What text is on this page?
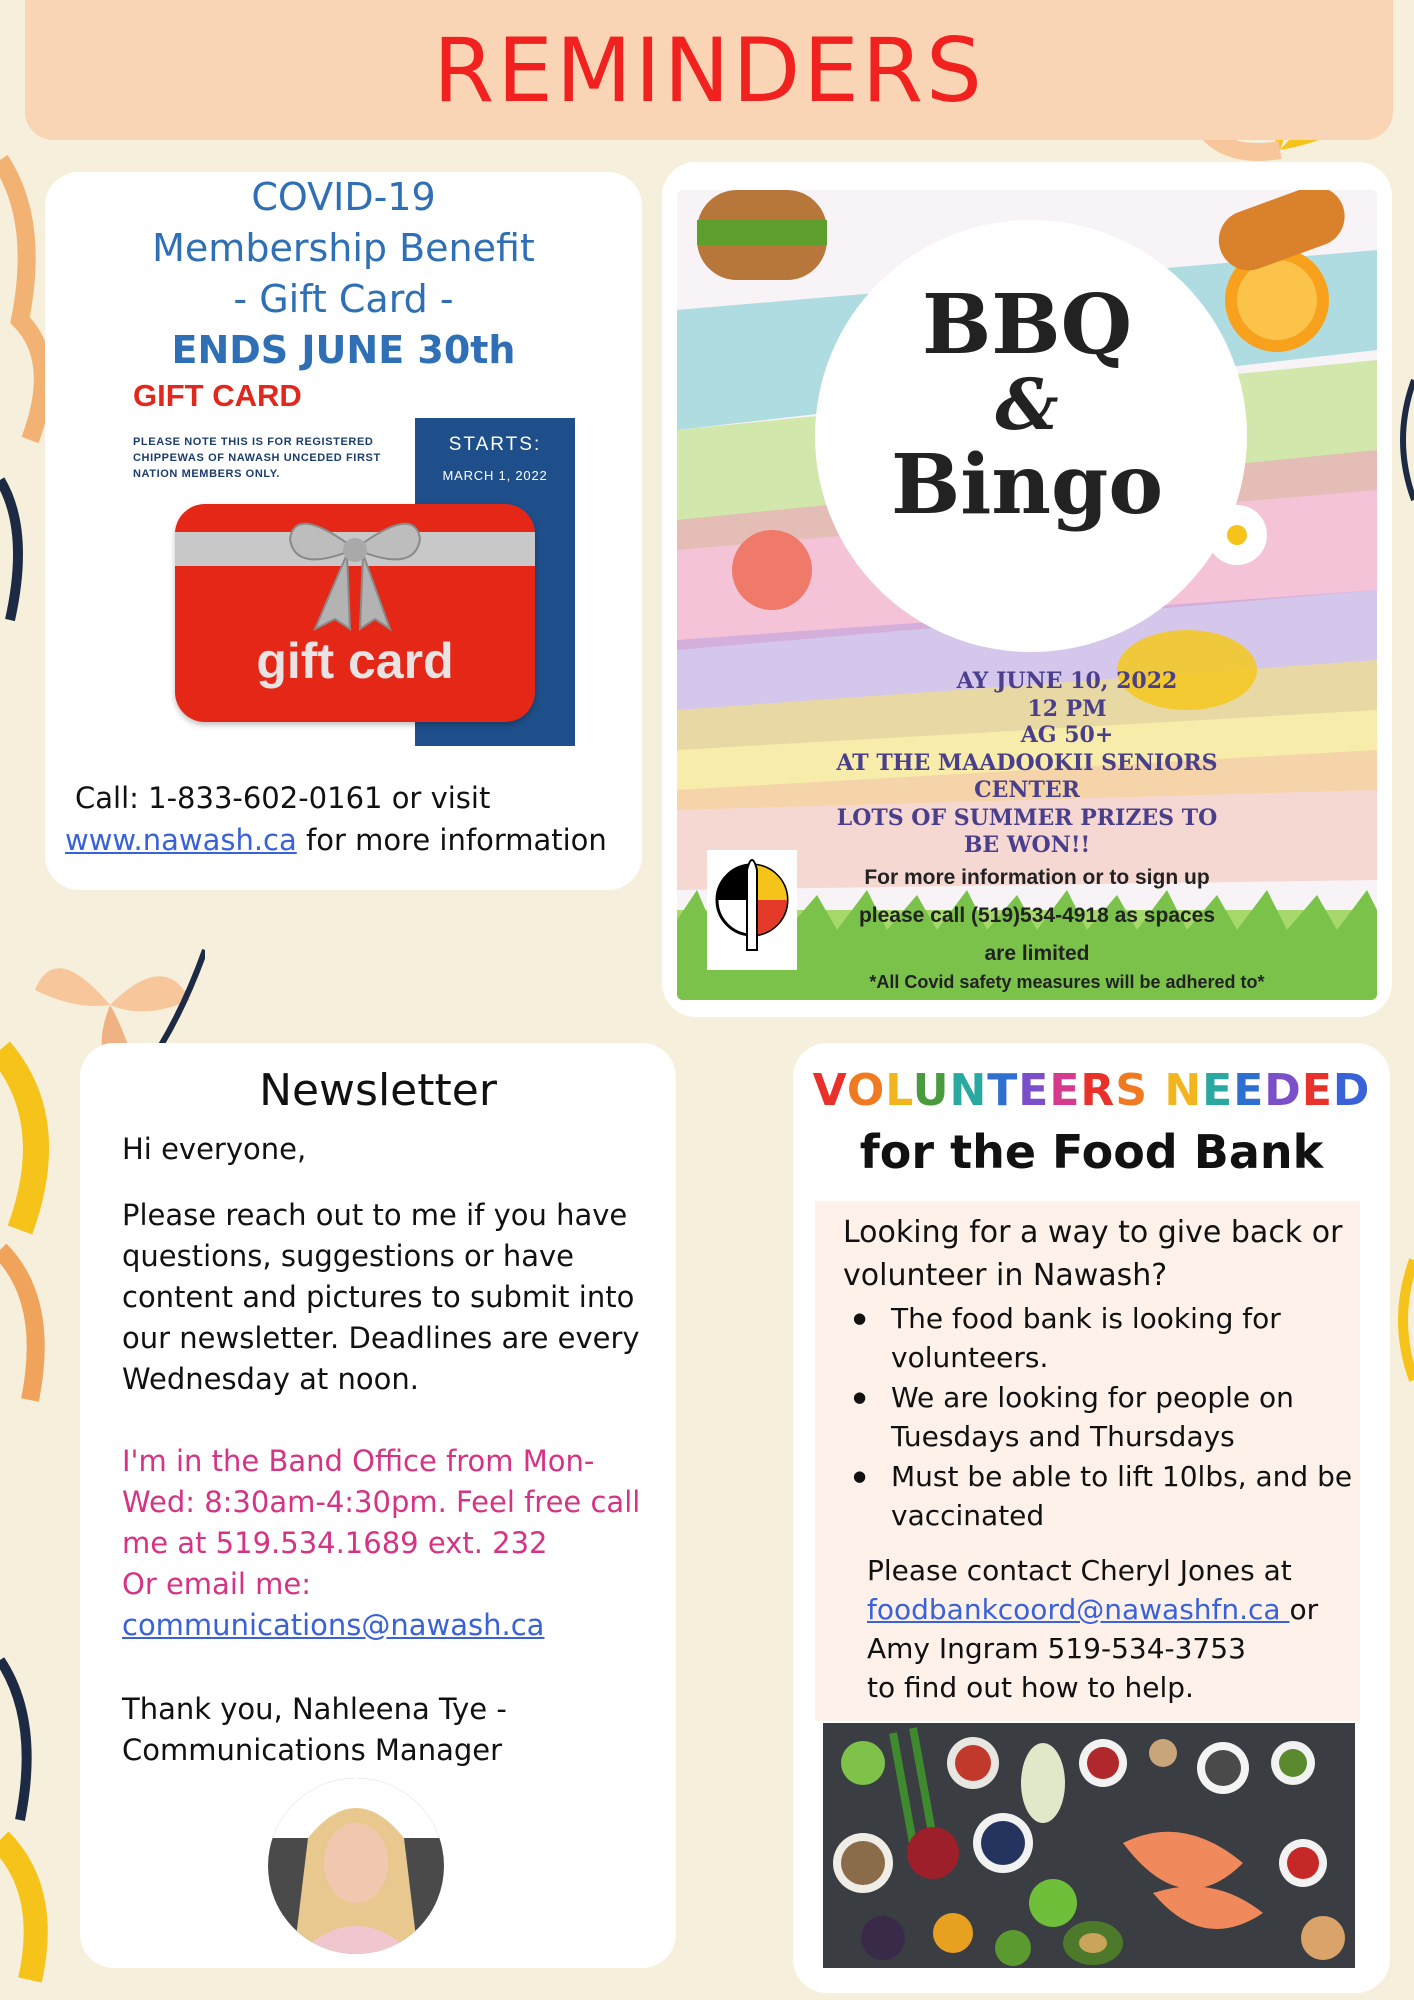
REMINDERS
COVID-19
Membership Benefit
- Gift Card -
ENDS JUNE 30th
GIFT CARD
PLEASE NOTE THIS IS FOR REGISTERED CHIPPEWAS OF NAWASH UNCEDED FIRST NATION MEMBERS ONLY.
STARTS:
MARCH 1, 2022
gift card
Call: 1-833-602-0161 or visit
www.nawash.ca for more information
BBQ
&
Bingo
AY JUNE 10, 2022
12 PM
AG 50+
AT THE MAADOOKII SENIORS
CENTER
LOTS OF SUMMER PRIZES TO
BE WON!!
For more information or to sign up
please call (519)534-4918 as spaces
are limited
*All Covid safety measures will be adhered to*
Newsletter
Hi everyone,
Please reach out to me if you have questions, suggestions or have content and pictures to submit into our newsletter. Deadlines are every Wednesday at noon.
I'm in the Band Office from Mon-Wed: 8:30am-4:30pm. Feel free call me at 519.534.1689 ext. 232
Or email me:
communications@nawash.ca
Thank you, Nahleena Tye - Communications Manager
VOLUNTEERS NEEDED
for the Food Bank
Looking for a way to give back or volunteer in Nawash?
● The food bank is looking for volunteers.
● We are looking for people on Tuesdays and Thursdays
● Must be able to lift 10lbs, and be vaccinated
Please contact Cheryl Jones at
foodbankcoord@nawashfn.ca or
Amy Ingram 519-534-3753
to find out how to help.
